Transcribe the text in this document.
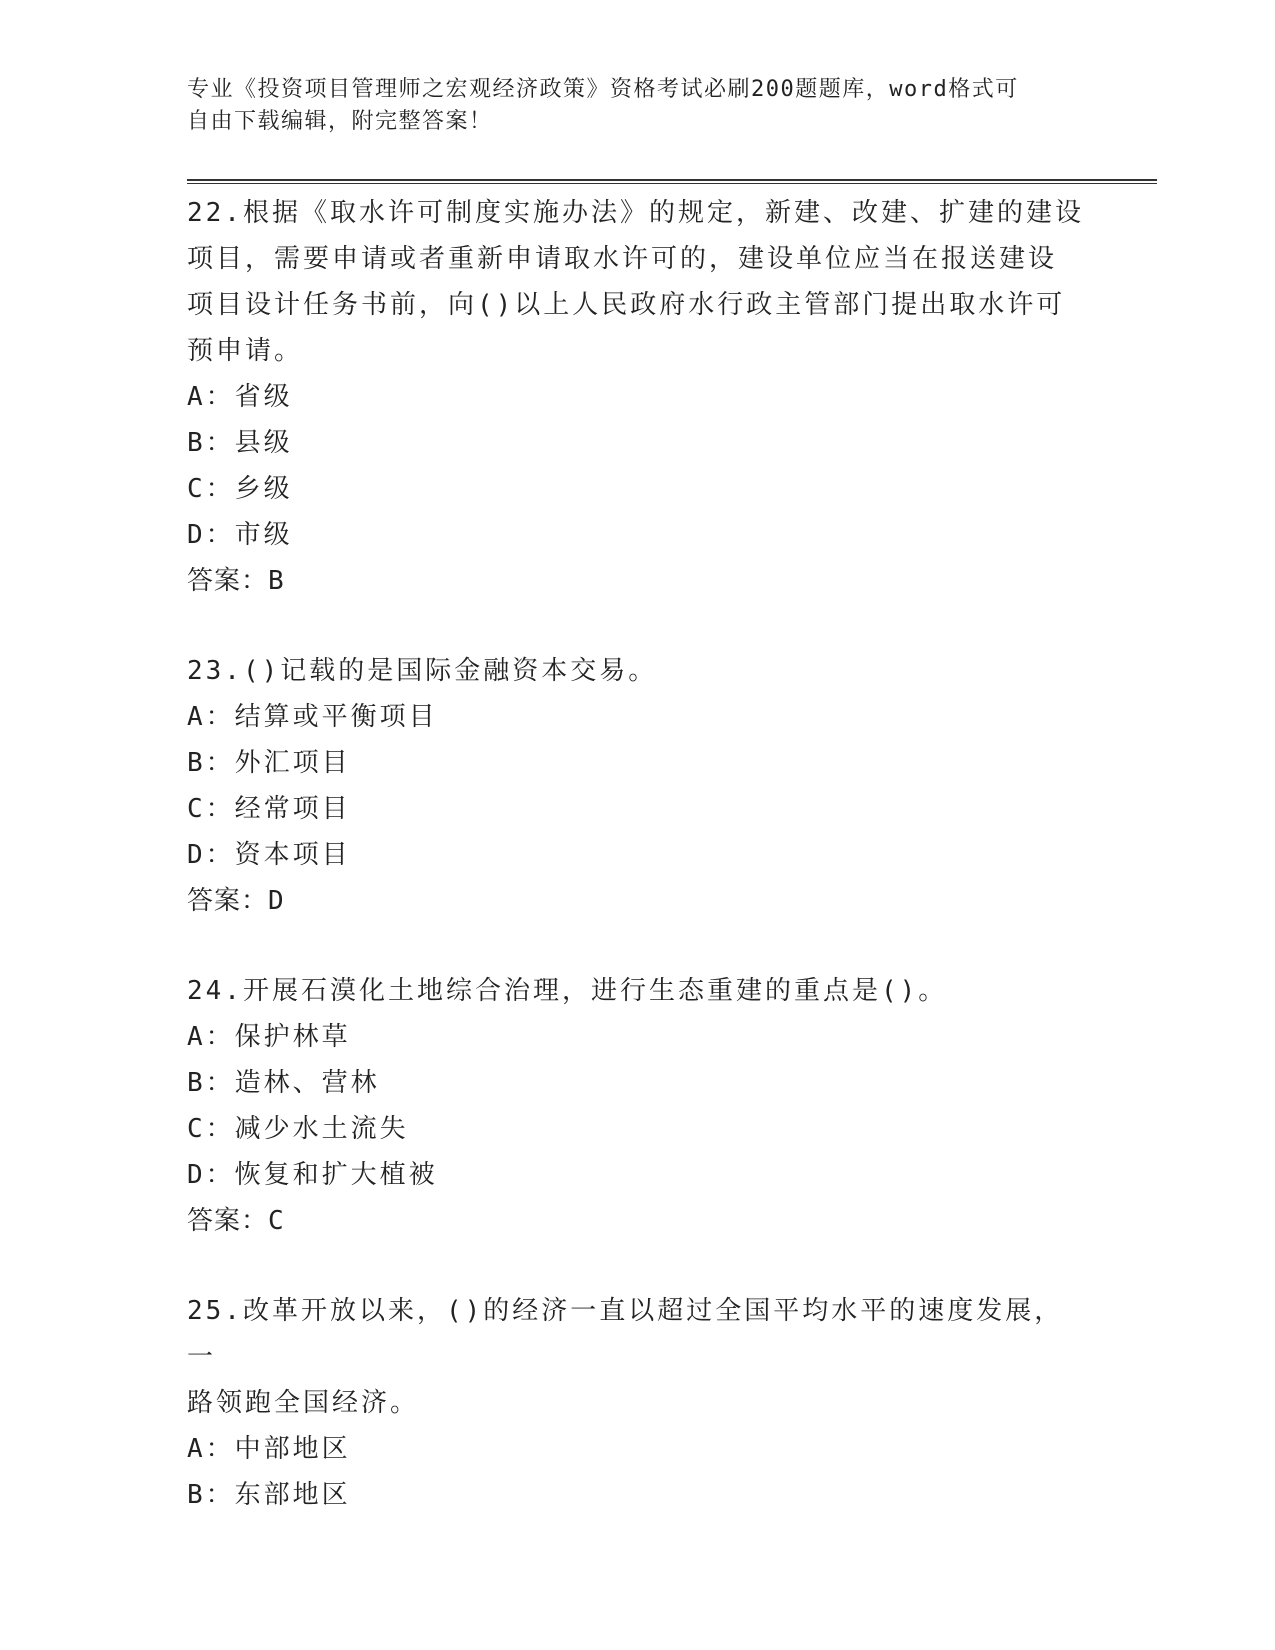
专业《投资项目管理师之宏观经济政策》资格考试必刷200题题库，word格式可
自由下载编辑，附完整答案！

22.根据《取水许可制度实施办法》的规定，新建、改建、扩建的建设

项目，需要申请或者重新申请取水许可的，建设单位应当在报送建设

项目设计任务书前，向()以上人民政府水行政主管部门提出取水许可

预申请。

A：省级

B：县级

C：乡级

D：市级

答案：B

23.()记载的是国际金融资本交易。

A：结算或平衡项目

B：外汇项目

C：经常项目

D：资本项目

答案：D

24.开展石漠化土地综合治理，进行生态重建的重点是()。

A：保护林草

B：造林、营林

C：减少水土流失

D：恢复和扩大植被

答案：C

25.改革开放以来，()的经济一直以超过全国平均水平的速度发展，一

路领跑全国经济。

A：中部地区

B：东部地区
